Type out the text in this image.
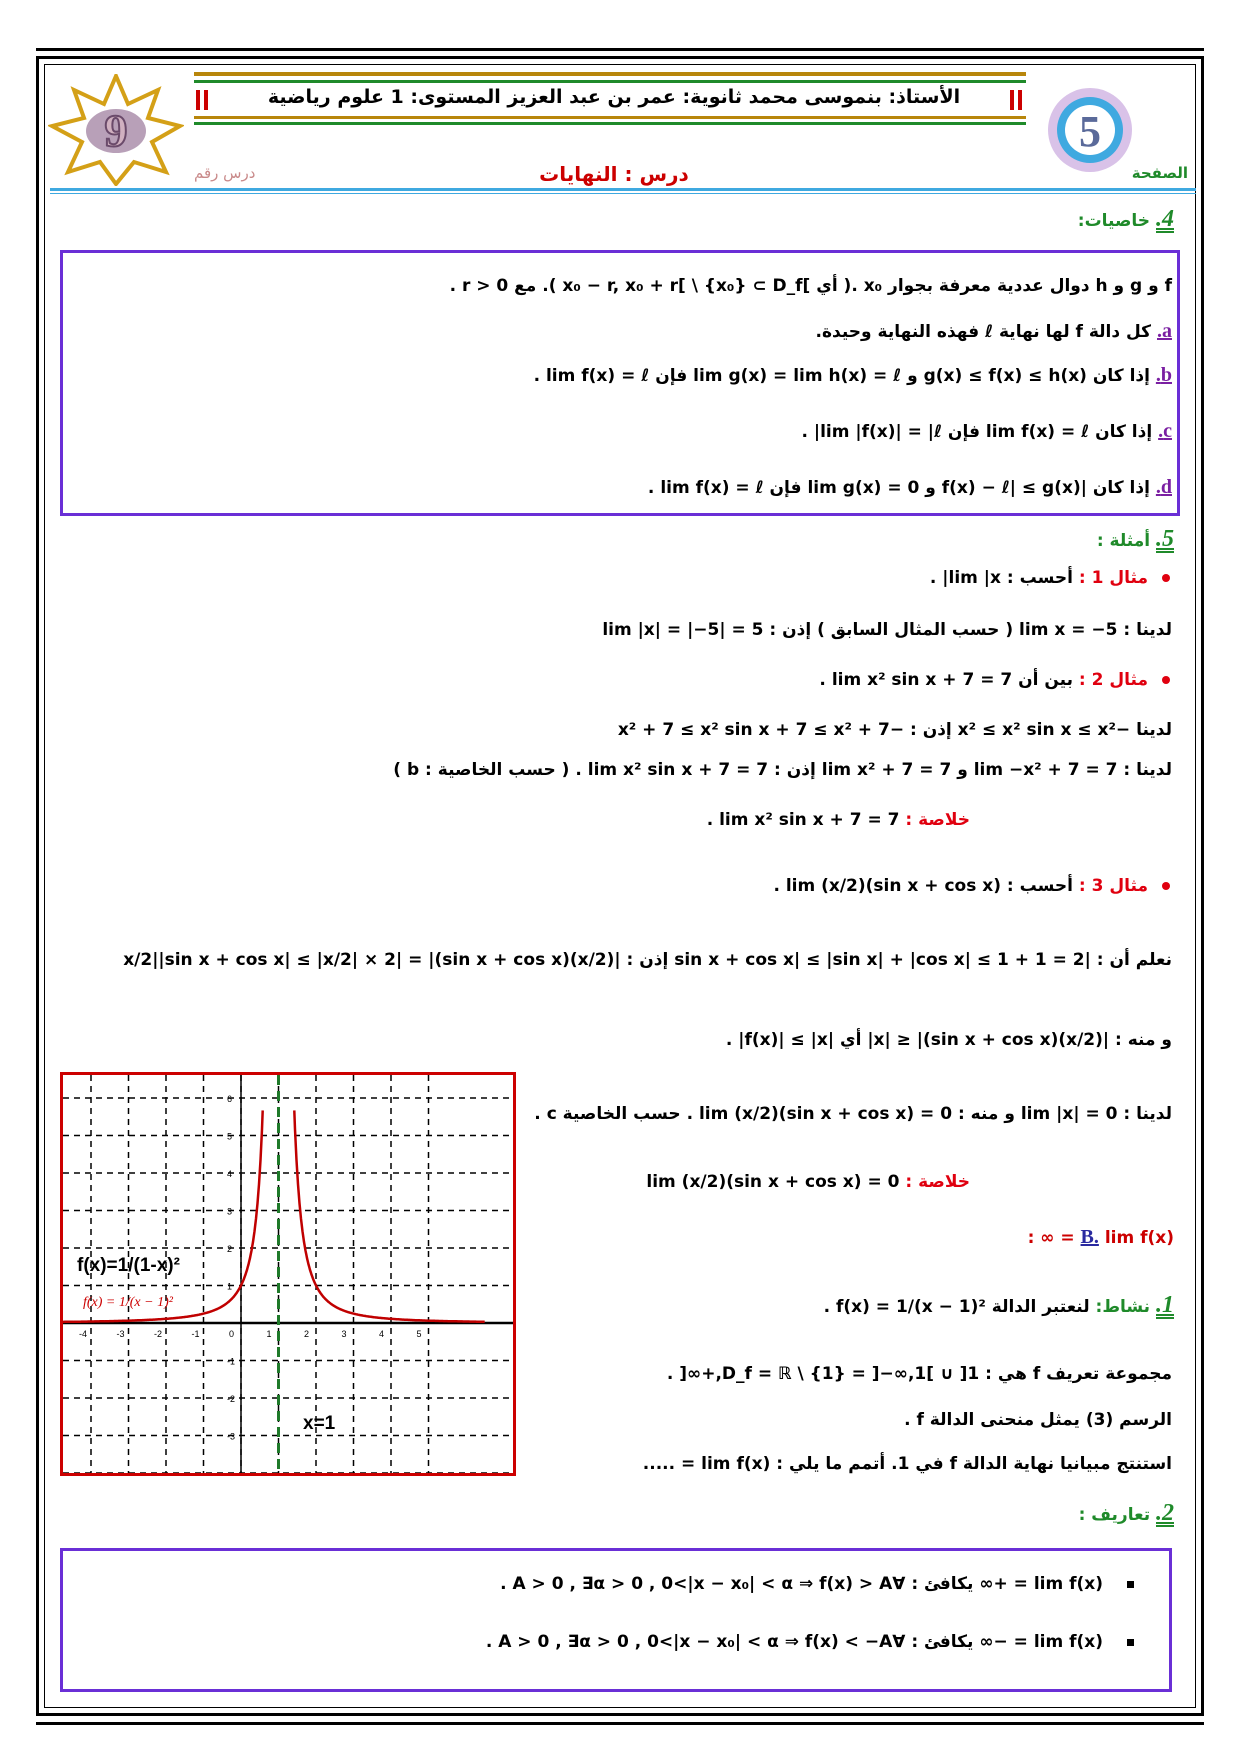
9
الأستاذ: بنموسى محمد ثانوية: عمر بن عبد العزيز المستوى: 1 علوم رياضية
5
درس : النهايات	الصفحة
درس رقم
4. خاصيات:
f و g و h دوال عددية معرفة بجوار x₀ .( أي ]x₀ − r, x₀ + r[ \ {x₀} ⊂ D_f ). مع r > 0 .
a. كل دالة f لها نهاية ℓ فهذه النهاية وحيدة.
b. إذا كان g(x) ≤ f(x) ≤ h(x) و lim g(x) = lim h(x) = ℓ فإن lim f(x) = ℓ .
c. إذا كان lim f(x) = ℓ فإن lim |f(x)| = |ℓ| .
d. إذا كان |f(x) − ℓ| ≤ g(x) و lim g(x) = 0 فإن lim f(x) = ℓ .
5. أمثلة :
مثال 1 : أحسب : lim |x| .
لدينا : lim x = −5 ( حسب المثال السابق ) إذن : lim |x| = |−5| = 5
مثال 2 : بين أن lim x² sin x + 7 = 7 .
لدينا −x² ≤ x² sin x ≤ x² إذن : −x² + 7 ≤ x² sin x + 7 ≤ x² + 7
لدينا : lim −x² + 7 = 7 و lim x² + 7 = 7 إذن : lim x² sin x + 7 = 7 . ( حسب الخاصية : b )
خلاصة : lim x² sin x + 7 = 7 .
مثال 3 : أحسب : lim (x/2)(sin x + cos x) .
نعلم أن : |sin x + cos x| ≤ |sin x| + |cos x| ≤ 1 + 1 = 2 إذن : |(x/2)(sin x + cos x)| = |x/2||sin x + cos x| ≤ |x/2| × 2
و منه : |(x/2)(sin x + cos x)| ≤ |x| أي |f(x)| ≤ |x| .
لدينا : lim |x| = 0 و منه : lim (x/2)(sin x + cos x) = 0 . حسب الخاصية c .
خلاصة : lim (x/2)(sin x + cos x) = 0
B. lim f(x) = ∞ :
1. نشاط: لنعتبر الدالة f(x) = 1/(x − 1)² .
مجموعة تعريف f هي : D_f = ℝ \ {1} = ]−∞,1[ ∪ ]1,+∞[ .
الرسم (3) يمثل منحنى الدالة f .
استنتج مبيانيا نهاية الدالة f في 1. أتمم ما يلي : lim f(x) = .....
2. تعاريف :
lim f(x) = +∞ يكافئ : ∀A > 0 , ∃α > 0 , 0<|x − x₀| < α ⇒ f(x) > A .
lim f(x) = −∞ يكافئ : ∀A > 0 , ∃α > 0 , 0<|x − x₀| < α ⇒ f(x) < −A .
-4	-3	-2	-1	0	1	2	3	4	5
-3
-2
-1
1
2
3
4
5
6
f(x)=1/(1-x)²
f(x) = 1/(x − 1)²
x=1
